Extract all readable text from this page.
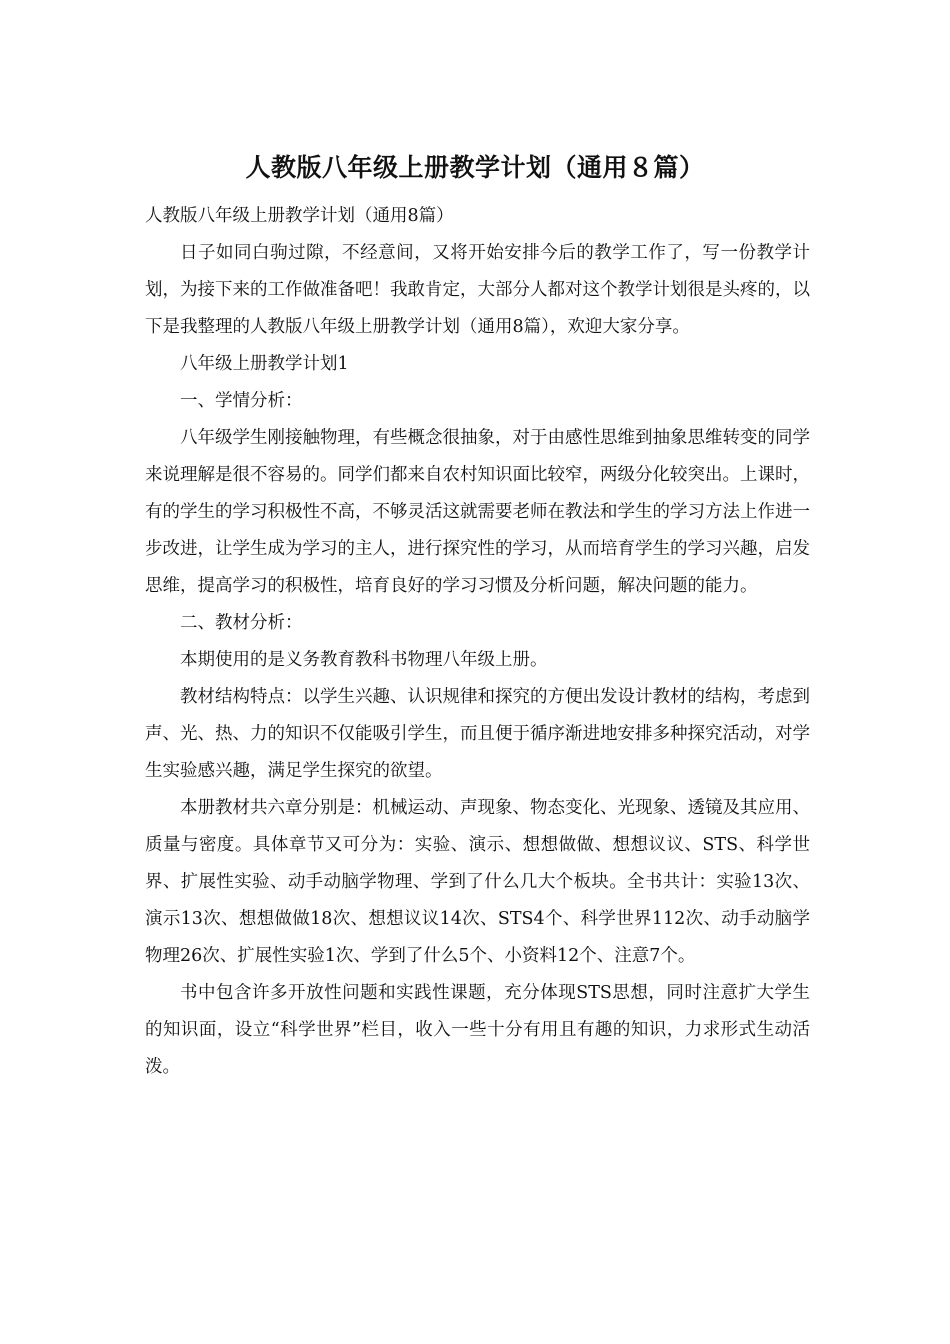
人教版八年级上册教学计划（通用８篇）

人教版八年级上册教学计划（通用8篇）

日子如同白驹过隙，不经意间，又将开始安排今后的教学工作了，写一份教学计划，为接下来的工作做准备吧！我敢肯定，大部分人都对这个教学计划很是头疼的，以下是我整理的人教版八年级上册教学计划（通用8篇），欢迎大家分享。

八年级上册教学计划1

一、学情分析：

八年级学生刚接触物理，有些概念很抽象，对于由感性思维到抽象思维转变的同学来说理解是很不容易的。同学们都来自农村知识面比较窄，两级分化较突出。上课时，有的学生的学习积极性不高，不够灵活这就需要老师在教法和学生的学习方法上作进一步改进，让学生成为学习的主人，进行探究性的学习，从而培育学生的学习兴趣，启发思维，提高学习的积极性，培育良好的学习习惯及分析问题，解决问题的能力。

二、教材分析：

本期使用的是义务教育教科书物理八年级上册。

教材结构特点：以学生兴趣、认识规律和探究的方便出发设计教材的结构，考虑到声、光、热、力的知识不仅能吸引学生，而且便于循序渐进地安排多种探究活动，对学生实验感兴趣，满足学生探究的欲望。

本册教材共六章分别是：机械运动、声现象、物态变化、光现象、透镜及其应用、质量与密度。具体章节又可分为：实验、演示、想想做做、想想议议、STS、科学世界、扩展性实验、动手动脑学物理、学到了什么几大个板块。全书共计：实验13次、演示13次、想想做做18次、想想议议14次、STS4个、科学世界112次、动手动脑学物理26次、扩展性实验1次、学到了什么5个、小资料12个、注意7个。

书中包含许多开放性问题和实践性课题，充分体现STS思想，同时注意扩大学生的知识面，设立“科学世界”栏目，收入一些十分有用且有趣的知识，力求形式生动活泼。
